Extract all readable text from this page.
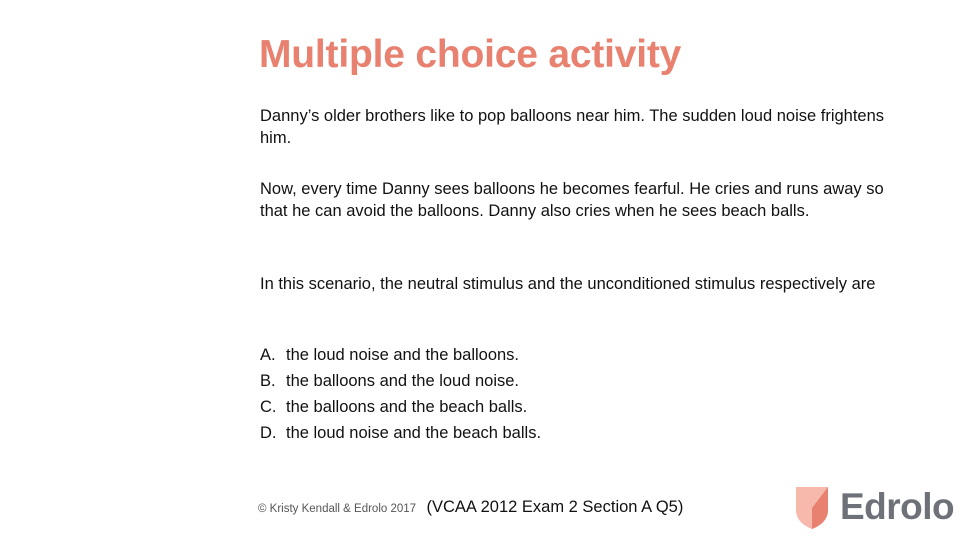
Multiple choice activity

Danny’s older brothers like to pop balloons near him. The sudden loud noise frightens him.

Now, every time Danny sees balloons he becomes fearful. He cries and runs away so that he can avoid the balloons. Danny also cries when he sees beach balls.

In this scenario, the neutral stimulus and the unconditioned stimulus respectively are

A. the loud noise and the balloons.
B. the balloons and the loud noise.
C. the balloons and the beach balls.
D. the loud noise and the beach balls.
© Kristy Kendall & Edrolo 2017 (VCAA 2012 Exam 2 Section A Q5)	Edrolo
